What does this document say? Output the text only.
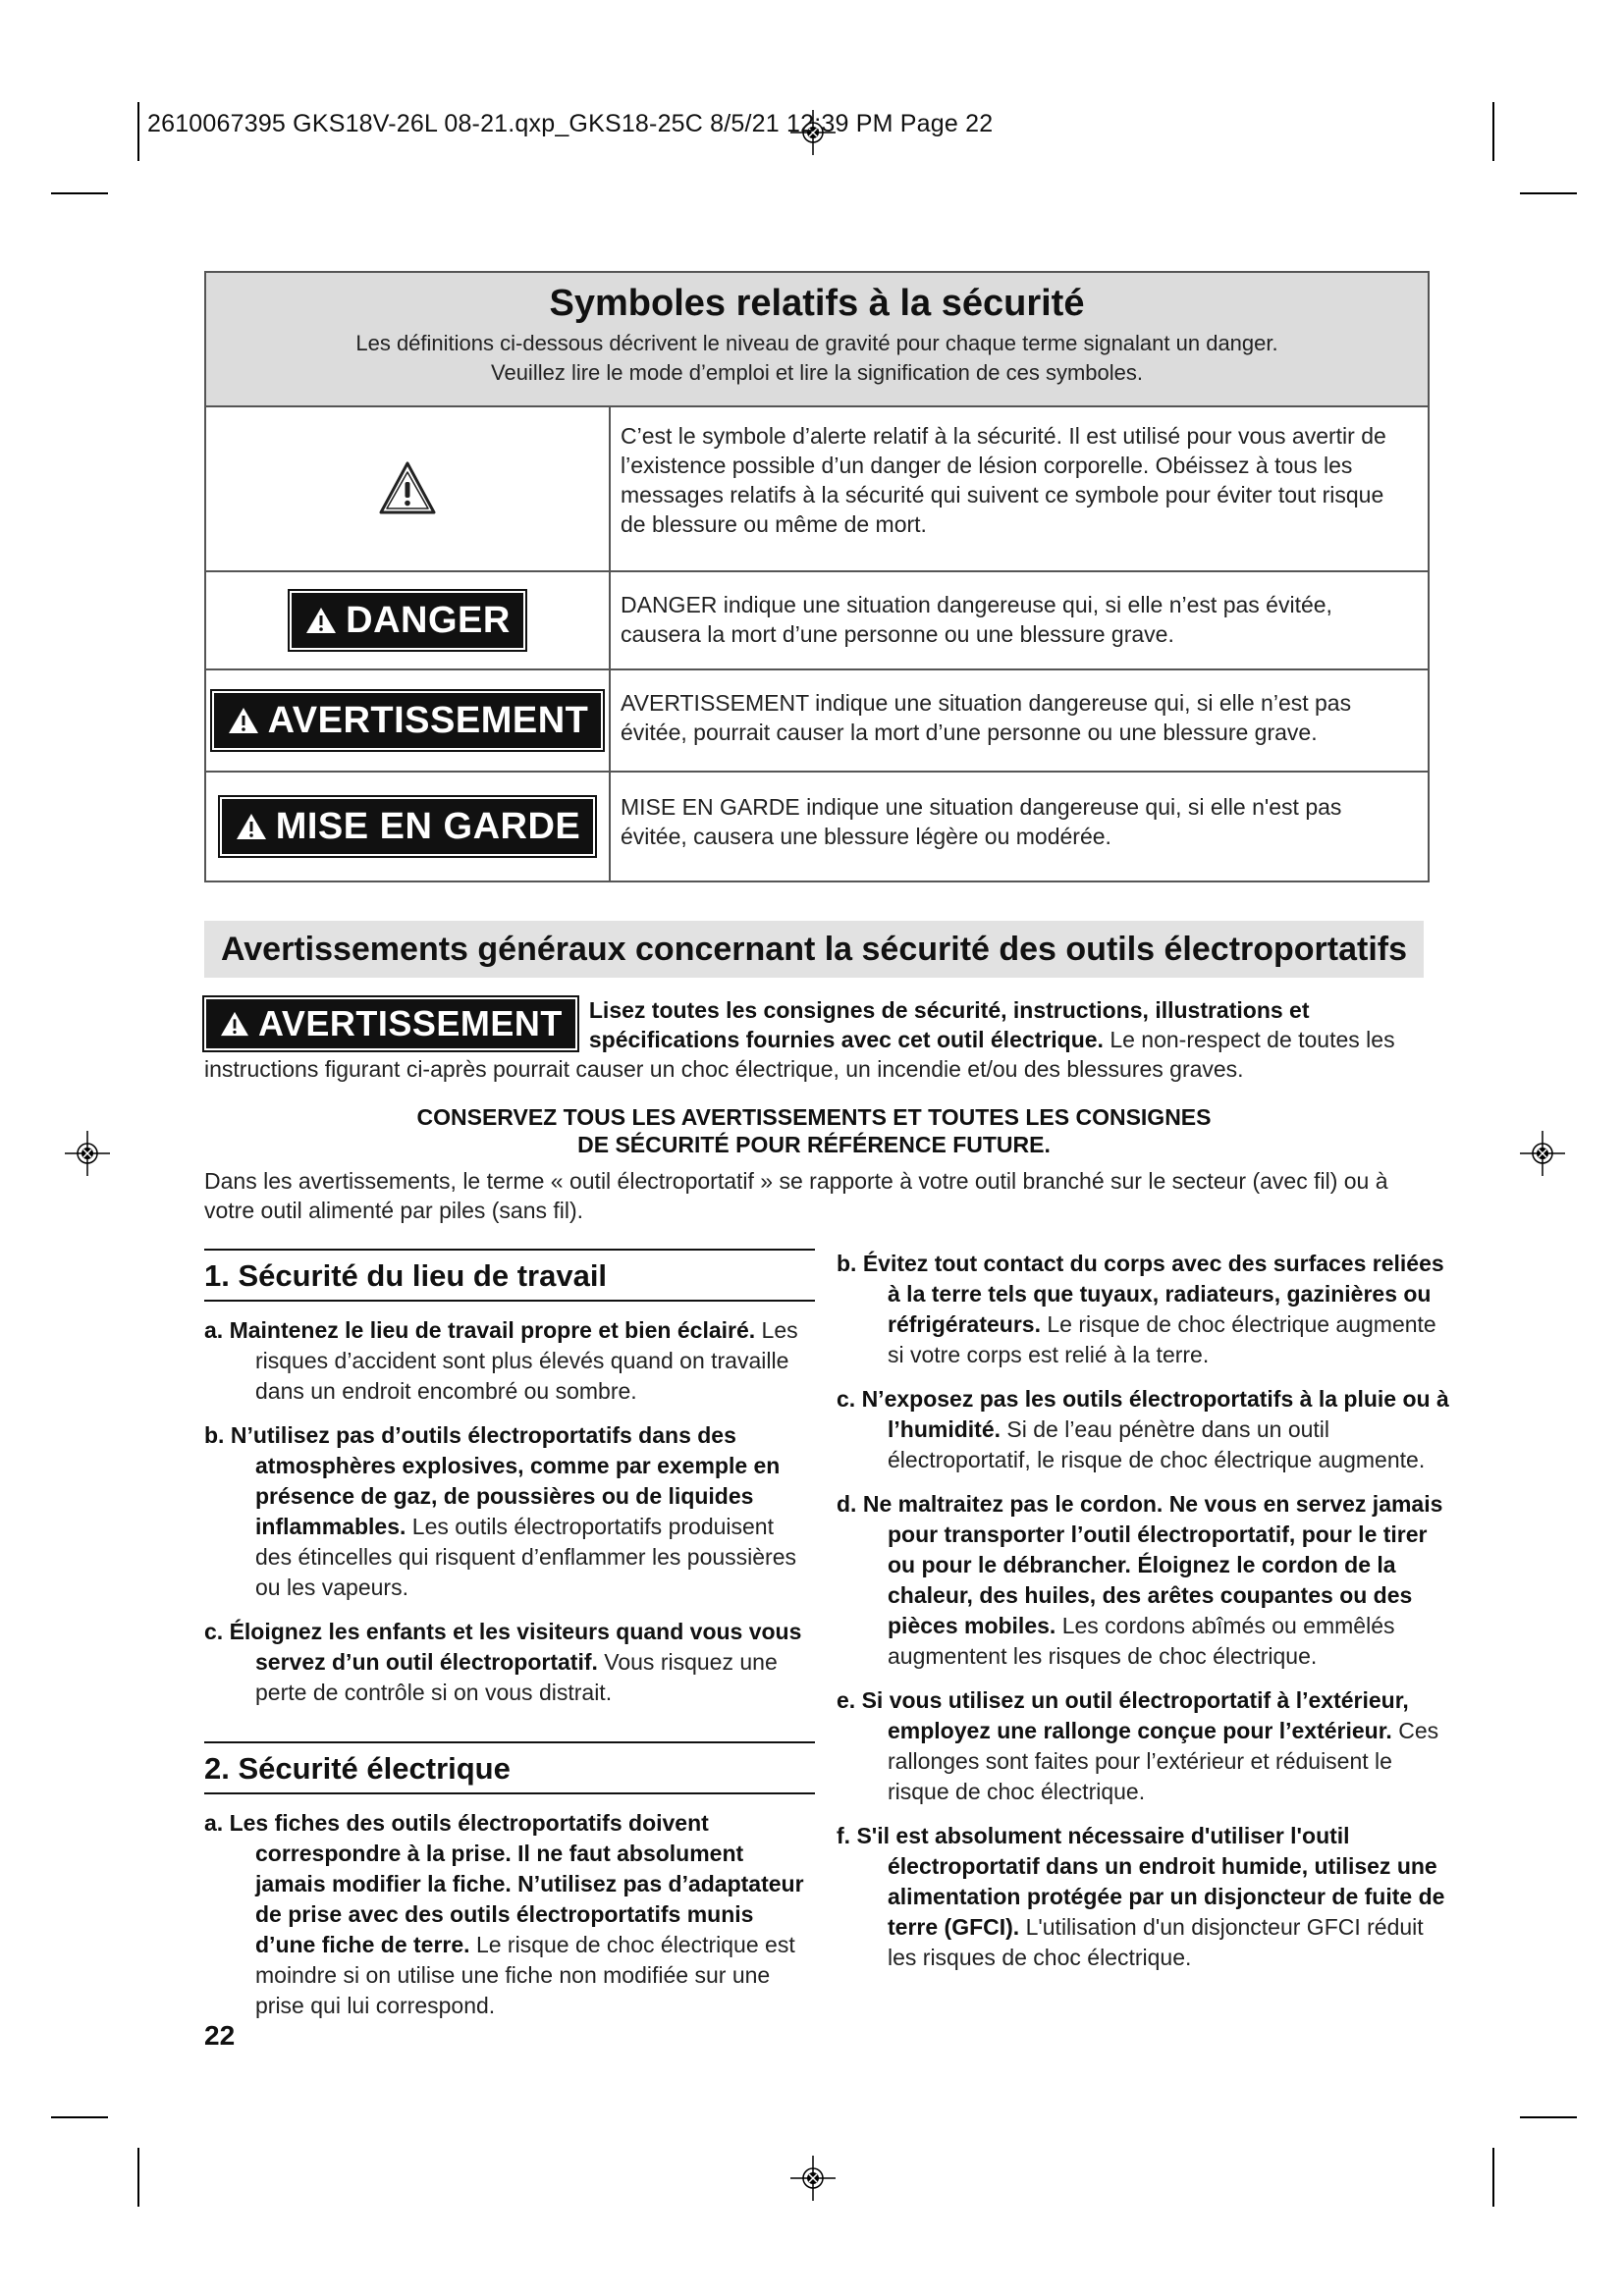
2610067395 GKS18V-26L 08-21.qxp_GKS18-25C 8/5/21 12:39 PM Page 22
Symboles relatifs à la sécurité
Les définitions ci-dessous décrivent le niveau de gravité pour chaque terme signalant un danger.
Veuillez lire le mode d’emploi et lire la signification de ces symboles.
C’est le symbole d’alerte relatif à la sécurité. Il est utilisé pour vous avertir de l’existence possible d’un danger de lésion corporelle. Obéissez à tous les messages relatifs à la sécurité qui suivent ce symbole pour éviter tout risque de blessure ou même de mort.
DANGER	DANGER indique une situation dangereuse qui, si elle n’est pas évitée, causera la mort d’une personne ou une blessure grave.
AVERTISSEMENT	AVERTISSEMENT indique une situation dangereuse qui, si elle n’est pas évitée, pourrait causer la mort d’une personne ou une blessure grave.
MISE EN GARDE	MISE EN GARDE indique une situation dangereuse qui, si elle n'est pas évitée, causera une blessure légère ou modérée.
Avertissements généraux concernant la sécurité des outils électroportatifs
AVERTISSEMENT Lisez toutes les consignes de sécurité, instructions, illustrations et spécifications fournies avec cet outil électrique. Le non-respect de toutes les instructions figurant ci-après pourrait causer un choc électrique, un incendie et/ou des blessures graves.
CONSERVEZ TOUS LES AVERTISSEMENTS ET TOUTES LES CONSIGNES
DE SÉCURITÉ POUR RÉFÉRENCE FUTURE.
Dans les avertissements, le terme « outil électroportatif » se rapporte à votre outil branché sur le secteur (avec fil) ou à votre outil alimenté par piles (sans fil).
1. Sécurité du lieu de travail
a. Maintenez le lieu de travail propre et bien éclairé. Les risques d’accident sont plus élevés quand on travaille dans un endroit encombré ou sombre.
b. N’utilisez pas d’outils électroportatifs dans des atmosphères explosives, comme par exemple en présence de gaz, de poussières ou de liquides inflammables. Les outils électroportatifs produisent des étincelles qui risquent d’enflammer les poussières ou les vapeurs.
c. Éloignez les enfants et les visiteurs quand vous vous servez d’un outil électroportatif. Vous risquez une perte de contrôle si on vous distrait.
2. Sécurité électrique
a. Les fiches des outils électroportatifs doivent correspondre à la prise. Il ne faut absolument jamais modifier la fiche. N’utilisez pas d’adaptateur de prise avec des outils électroportatifs munis d’une fiche de terre. Le risque de choc électrique est moindre si on utilise une fiche non modifiée sur une prise qui lui correspond.
b. Évitez tout contact du corps avec des surfaces reliées à la terre tels que tuyaux, radiateurs, gazinières ou réfrigérateurs. Le risque de choc électrique augmente si votre corps est relié à la terre.
c. N’exposez pas les outils électroportatifs à la pluie ou à l’humidité. Si de l’eau pénètre dans un outil électroportatif, le risque de choc électrique augmente.
d. Ne maltraitez pas le cordon. Ne vous en servez jamais pour transporter l’outil électroportatif, pour le tirer ou pour le débrancher. Éloignez le cordon de la chaleur, des huiles, des arêtes coupantes ou des pièces mobiles. Les cordons abîmés ou emmêlés augmentent les risques de choc électrique.
e. Si vous utilisez un outil électroportatif à l’extérieur, employez une rallonge conçue pour l’extérieur. Ces rallonges sont faites pour l’extérieur et réduisent le risque de choc électrique.
f. S'il est absolument nécessaire d'utiliser l'outil électroportatif dans un endroit humide, utilisez une alimentation protégée par un disjoncteur de fuite de terre (GFCI). L'utilisation d'un disjoncteur GFCI réduit les risques de choc électrique.
22
